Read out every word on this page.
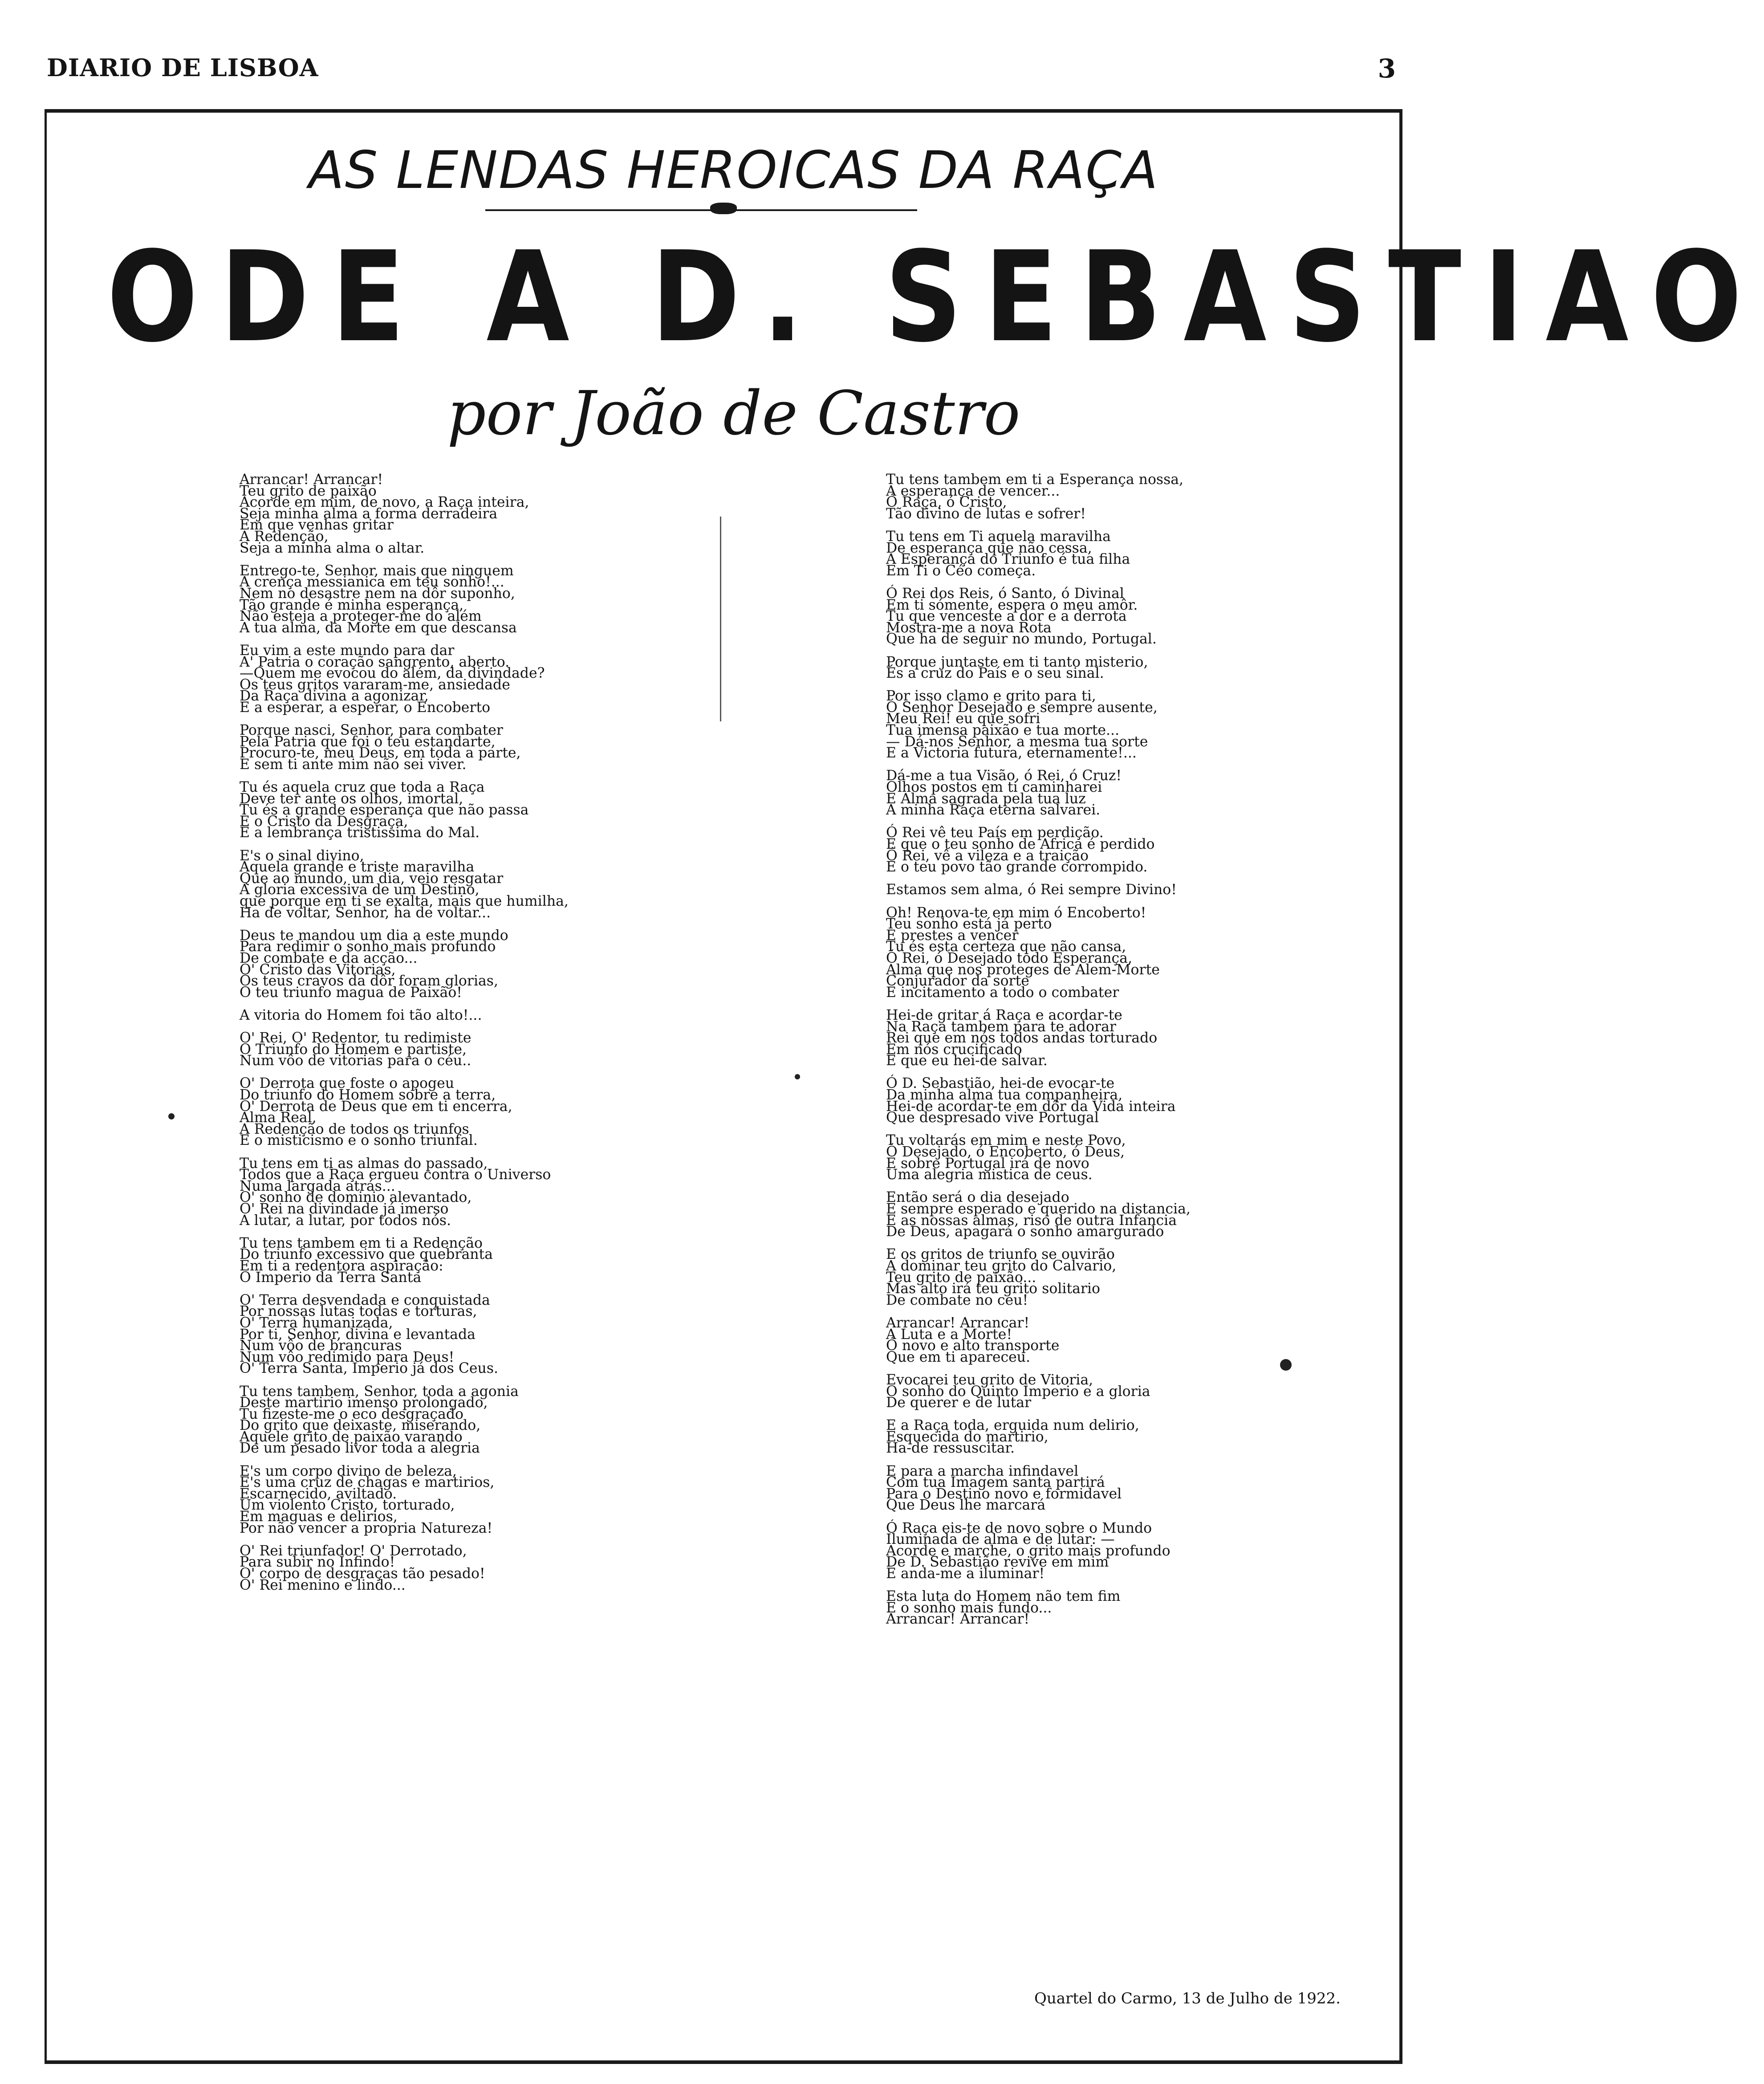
DIARIO DE LISBOA	3
AS LENDAS HEROICAS DA RAÇA
ODE A D. SEBASTIAO
por João de Castro
Arrancar! Arrancar!
Teu grito de paixão
Acorde em mim, de novo, a Raça inteira,
Seja minha alma a forma derradeira
Em que venhas gritar
A Redenção,
Seja a minha alma o altar.
Entrego-te, Senhor, mais que ninguem
A crença messianica em teu sonho!...
Nem no desastre nem na dôr suponho,
Tão grande é minha esperança,
Não esteja a proteger-me do além
A tua alma, da Morte em que descansa
Eu vim a este mundo para dar
A' Patria o coração sangrento, aberto.
—Quem me evocou do além, da divindade?
Os teus gritos vararam-me, ansiedade
Da Raça divina a agonizar,
E a esperar, a esperar, o Encoberto
Porque nasci, Senhor, para combater
Pela Patria que foi o teu estandarte,
Procuro-te, meu Deus, em toda a parte,
E sem ti ante mim não sei viver.
Tu és aquela cruz que toda a Raça
Deve ter ante os olhos, imortal,
Tu és a grande esperança que não passa
E o Cristo da Desgraça,
E a lembrança tristissima do Mal.
E's o sinal divino,
Aquela grande e triste maravilha
Que ao mundo, um dia, veio resgatar
A gloria excessiva de um Destino,
que porque em ti se exalta, mais que humilha,
Ha de voltar, Senhor, ha de voltar...
Deus te mandou um dia a este mundo
Para redimir o sonho mais profundo
De combate e da acção...
O' Cristo das Vitorias,
Os teus cravos da dôr foram glorias,
O teu triunfo magua de Paixão!
A vitoria do Homem foi tão alto!...
O' Rei, O' Redentor, tu redimiste
O Triunfo do Homem e partiste,
Num vôo de vitorias para o céu..
O' Derrota que foste o apogeu
Do triunfo do Homem sobre a terra,
O' Derrota de Deus que em ti encerra,
Alma Real,
A Redenção de todos os triunfos
E o misticismo e o sonho triunfal.
Tu tens em ti as almas do passado,
Todos que a Raça ergueu contra o Universo
Numa largada atrás...
O' sonho de dominio alevantado,
O' Rei na divindade já imerso
A lutar, a lutar, por todos nós.
Tu tens tambem em ti a Redenção
Do triunfo excessivo que quebranta
Em ti a redentora aspiração:
O Imperio da Terra Santa
O' Terra desvendada e conquistada
Por nossas lutas todas e torturas,
O' Terra humanizada,
Por ti, Senhor, divina e levantada
Num vôo de brancuras
Num vôo redimido para Deus!
O' Terra Santa, Imperio já dos Ceus.
Tu tens tambem, Senhor, toda a agonia
Deste martirio imenso prolongado,
Tu fizeste-me o eco desgraçado
Do grito que deixaste, miserando,
Aquele grito de paixão varando
De um pesado livor toda a alegria
E's um corpo divino de beleza,
E's uma cruz de chagas e martirios,
Escarnecido, aviltado.
Um violento Cristo, torturado,
Em maguas e delirios,
Por não vencer a propria Natureza!
O' Rei triunfador! O' Derrotado,
Para subir no Infindo!
O' corpo de desgraças tão pesado!
O' Rei menino e lindo...
Tu tens tambem em ti a Esperança nossa,
A esperança de vencer...
Ó Raça, ó Cristo,
Tão divino de lutas e sofrer!
Tu tens em Ti aquela maravilha
De esperança que não cessa,
A Esperança do Triunfo é tua filha
Em Ti o Céo começa.
Ó Rei dos Reis, ó Santo, ó Divinal
Em ti sómente, espera o meu amôr.
Tu que venceste a dor e a derrota
Mostra-me a nova Rota
Que ha de seguir no mundo, Portugal.
Porque juntaste em ti tanto misterio,
És a cruz do País e o seu sinal.
Por isso clamo e grito para ti,
Ó Senhor Desejado e sempre ausente,
Meu Rei! eu que sofri
Tua imensa paixão e tua morte...
— Dá-nos Senhor, a mesma tua sorte
E a Victoria futura, eternamente!...
Dá-me a tua Visão, ó Rei, ó Cruz!
Olhos postos em ti caminharei
E Alma sagrada pela tua luz
A minha Raça eterna salvarei.
Ó Rei vê teu País em perdição.
E que o teu sonho de Africa é perdido
Ó Rei, vê a vileza e a traição
E o teu povo tão grande corrompido.
Estamos sem alma, ó Rei sempre Divino!
Oh! Renova-te em mim ó Encoberto!
Teu sonho está já perto
E prestes a vencer
Tu és esta certeza que não cansa,
Ó Rei, ó Desejado todo Esperança,
Alma que nos proteges de Alem-Morte
Conjurador da sorte
E incitamento a todo o combater
Hei-de gritar á Raça e acordar-te
Na Raça tambem para te adorar
Rei que em nós todos andas torturado
Em nós crucificado
E que eu hei-de salvar.
Ó D. Sebastião, hei-de evocar-te
Da minha alma tua companheira,
Hei-de acordar-te em dôr da Vida inteira
Que despresado vive Portugal
Tu voltarás em mim e neste Povo,
Ó Desejado, ó Encoberto, ó Deus,
E sobre Portugal irá de novo
Uma alegria mistica de ceus.
Então será o dia desejado
E sempre esperado e querido na distancia,
E as nossas almas, riso de outra Infancia
De Deus, apagará o sonho amargurado
E os gritos de triunfo se ouvirão
A dominar teu grito do Calvario,
Teu grito de paixão...
Mas alto irá teu grito solitario
De combate no ceu!
Arrancar! Arrancar!
A Luta e a Morte!
Ó novo e alto transporte
Que em ti apareceu.
Evocarei teu grito de Vitoria,
O sonho do Quinto Imperio e a gloria
De querer e de lutar
E a Raça toda, erguida num delirio,
Esquecida do martirio,
Ha-de ressuscitar.
E para a marcha infindavel
Com tua Imagem santa partirá
Para o Destino novo e formidavel
Que Deus lhe marcará
Ó Raça eis-te de novo sobre o Mundo
Iluminada de alma e de lutar: —
Acorde e marche, o grito mais profundo
De D. Sebastião revive em mim
E anda-me a iluminar!
Esta luta do Homem não tem fim
E o sonho mais fundo...
Arrancar! Arrancar!
Quartel do Carmo, 13 de Julho de 1922.
